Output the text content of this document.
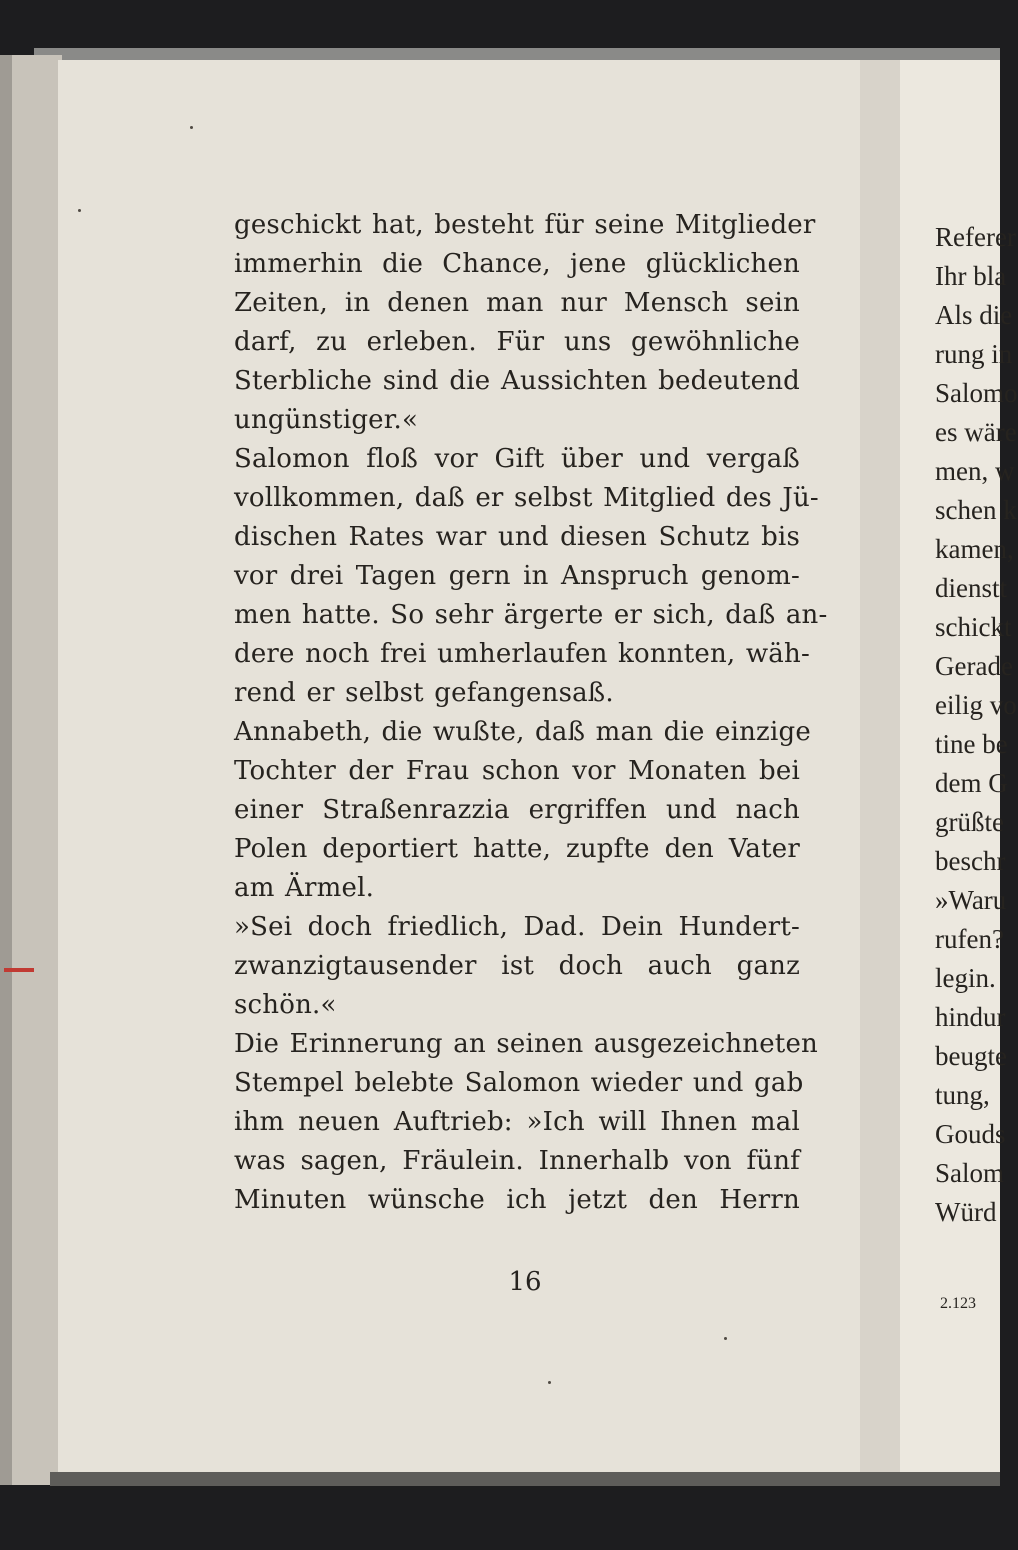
geschickt hat, besteht für seine Mitglieder
immerhin die Chance, jene glücklichen
Zeiten, in denen man nur Mensch sein
darf, zu erleben. Für uns gewöhnliche
Sterbliche sind die Aussichten bedeutend
ungünstiger.«
Salomon floß vor Gift über und vergaß
vollkommen, daß er selbst Mitglied des Jü-
dischen Rates war und diesen Schutz bis
vor drei Tagen gern in Anspruch genom-
men hatte. So sehr ärgerte er sich, daß an-
dere noch frei umherlaufen konnten, wäh-
rend er selbst gefangensaß.
Annabeth, die wußte, daß man die einzige
Tochter der Frau schon vor Monaten bei
einer Straßenrazzia ergriffen und nach
Polen deportiert hatte, zupfte den Vater
am Ärmel.
»Sei doch friedlich, Dad. Dein Hundert-
zwanzigtausender ist doch auch ganz
schön.«
Die Erinnerung an seinen ausgezeichneten
Stempel belebte Salomon wieder und gab
ihm neuen Auftrieb: »Ich will Ihnen mal
was sagen, Fräulein. Innerhalb von fünf
Minuten wünsche ich jetzt den Herrn
16
Referer
Ihr bla
Als die
rung in
Salomo
es wäre
men, w
schen k
kamen,
dienstt
schickt
Gerade
eilig vo
tine be
dem G
grüßte
beschr
»Waru
rufen?
legin.
hindur
beugte
tung,
Gouds
Salom
Würd
2.123
